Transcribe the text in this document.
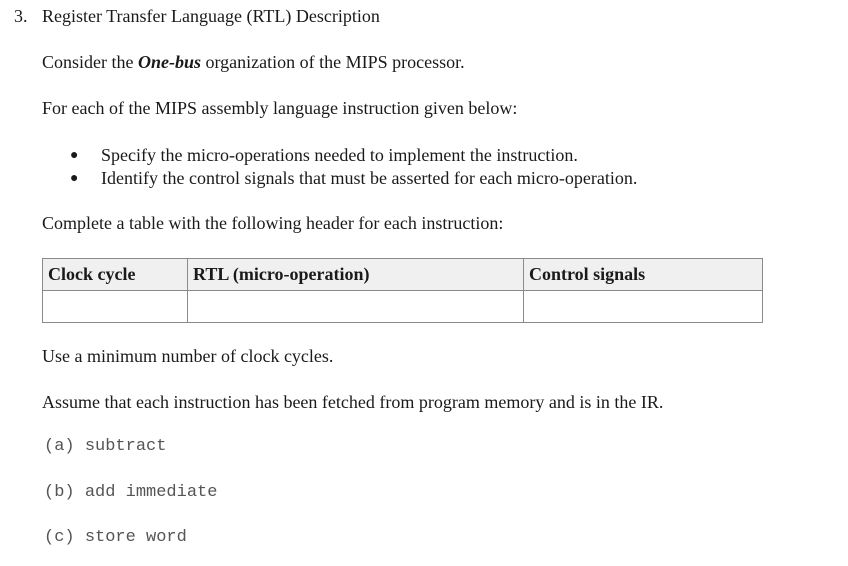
3. Register Transfer Language (RTL) Description
Consider the One-bus organization of the MIPS processor.
For each of the MIPS assembly language instruction given below:
● Specify the micro-operations needed to implement the instruction.
● Identify the control signals that must be asserted for each micro-operation.
Complete a table with the following header for each instruction:
Clock cycle	RTL (micro-operation)	Control signals

Use a minimum number of clock cycles.
Assume that each instruction has been fetched from program memory and is in the IR.
(a) subtract
(b) add immediate
(c) store word
